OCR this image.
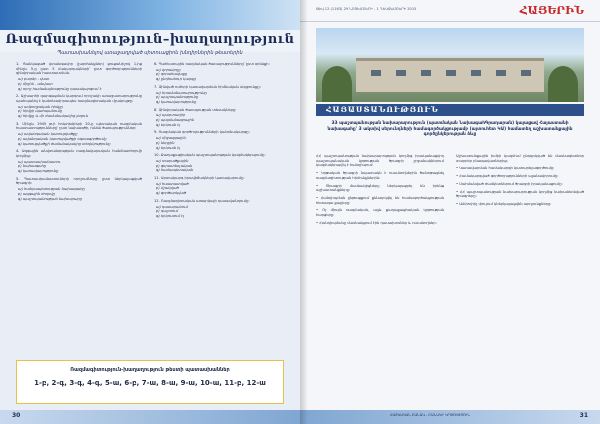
Ռազմագիտություն–խաղաղություն
Պատասխանելով առաջադրված սիտուացիոն խնդիրներին թեստերին
1. Ցանկացած վտանգավոր (չարժանքներ) ցուցանիշով 1-ից մինչև 5-ը ըստ 5 մակարդակների՝ ըստ գործողությունների զինվորական հաստատման.
ա) բարձր - վատ
բ) միջին - անվատ
գ) որոշ համաձայնությունը դասակարգում է
2. Աշխարհի զարգացման կարգում որոշակի առաջատարությունը պահպանել է կանոնավորապես ռազմագիտական մշակույթը:
ա) ամբողջական հիմքը
բ) հիմքի պահպանումը
գ) հիմքը և մի ժամանակակից լեզուն
3. Մինչև 1945 թ-ի հոկտեմբերի 20-ը պետական ռազմական հաստատությունները՝ ըստ նախագծի, ունեն ծառայություններ:
ա) ավանդական կառուցվածքը
բ) ավանդական կառուցվածքի օգտագործումը
գ) կառուցվածքի ժամանակակից տեղեկությունը
4. Ազգային անվտանգության ռազմավարական հանձնաժողովի կողմից:
ա) պատասխանատու
բ) նախագահը
գ) կառավարությունը
5. Պատասխանատուների որոշումները ըստ ներկայացված ծրագրի:
ա) հանրապետության նախագահը
բ) ազգային ժողովը
գ) պաշտպանության նախարարը
6. Պահեստային ռազմական ծառայությունները՝ ըստ օրենքի:
ա) զորակոչը
բ) զորահավաքը
գ) ընդհանուր կարգը
7. Զինված ուժերի կառավարման հիմնական սկզբունքը:
ա) հրամանատարությունը
բ) պաշտպանությունը
գ) կառավարությունը
8. Զինվորական ծառայության տեսակները:
ա) պարտադիր
բ) պայմանագրային
գ) երկուսն էլ
9. Ռազմական գործողությունների կանոնակարգը:
ա) միջազգային
բ) ներքին
գ) երկուսն էլ
10. Քաղաքացիական պաշտպանության կազմակերպումը:
ա) տարածքային
բ) գերատեսչական
գ) համապետական
11. Արտակարգ իրավիճակների կառավարումը:
ա) հաստատված
բ) մշակված
գ) գործարկված
12. Ռազմագիտական առարկայի դասավանդումը:
ա) դասարանում
բ) դաշտում
գ) երկուսում էլ
Ռազմագիտություն-խաղաղություն թեստի պատասխաններ
1-բ, 2-գ, 3-գ, 4-գ, 5-ա, 6-բ, 7-ա, 8-ա, 9-ա, 10-ա, 11-բ, 12-ա
30
Թիվ 12 (1163) 29 ՆՈՅԵՄԲԵՐԻ - 1 ԴԵԿՏԵՄԲԵՐԻ 2015	ՀԱՅԵՐԻՆ
ՀԱՅԱՍՏԱՆՈՒԹՅՈՒՆ
33 պաշտպանության նախարարություն (պատմական ՆախագահԳրադարան) կայացավ Հայաստանի նախագահը՝ 3 ակտիվ սերունդների համագործակցությամբ (այտուհետ ԿԱ) համատեղ աշխատանքային գործընկերության ձևը
ՀՀ պաշտպանության նախարարության կողմից իրականացվող պաշտպանական կրթության ծրագրի շրջանակներում կազմակերպվել է հանդիպում:
• Կրթական ծրագրի նպատակն է ուսանողներին ծանոթացնել ռազմագիտության հիմունքներին:
• Ծրագրի մասնակիցները ներկայացրել են իրենց աշխատանքները:
• Հանդիպման ընթացքում քննարկվել են համագործակցության հետագա քայլերը:
• Ոչ միայն ռազմական, այլև քաղաքացիական կրթության հարցերը:
• Հանդիպմանը մասնակցում էին դասախոսներ և ուսանողներ:
Աշխատանքային խմբի կազմում ընդգրկված են մասնագետներ տարբեր բնագավառներից:
• Կառավարման համակարգի կատարելագործումը:
• Համակարգված գործողությունների պլանավորումը:
• Սահմանված ժամկետներում ծրագրի իրականացումը:
• ՀՀ պաշտպանության նախարարության կողմից նախաձեռնված ծրագրերը:
• Ամփոփիչ փուլում կներկայացվեն արդյունքները:
ՀԱՅԿԱԿԱՆ ԲԱՆԱԿ - ԲԱՆԱԿԻ ԿՐԹՈՒԹՅՈՒՆ	31
